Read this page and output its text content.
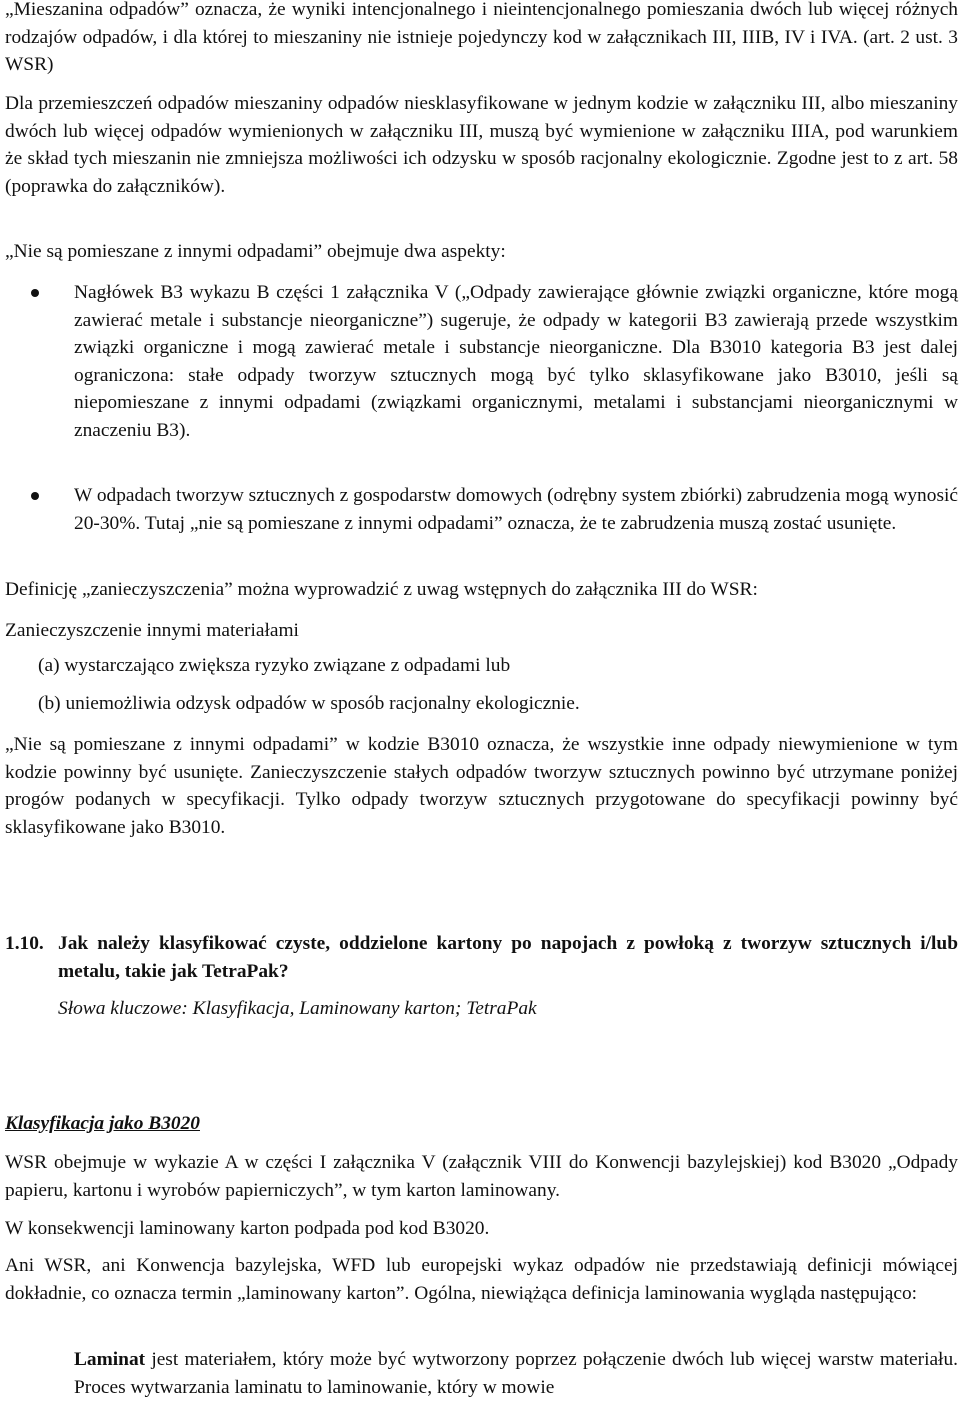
„Mieszanina odpadów” oznacza, że wyniki intencjonalnego i nieintencjonalnego pomieszania dwóch lub więcej różnych rodzajów odpadów, i dla której to mieszaniny nie istnieje pojedynczy kod w załącznikach III, IIIB, IV i IVA. (art. 2 ust. 3 WSR)

Dla przemieszczeń odpadów mieszaniny odpadów niesklasyfikowane w jednym kodzie w załączniku III, albo mieszaniny dwóch lub więcej odpadów wymienionych w załączniku III, muszą być wymienione w załączniku IIIA, pod warunkiem że skład tych mieszanin nie zmniejsza możliwości ich odzysku w sposób racjonalny ekologicznie. Zgodne jest to z art. 58 (poprawka do załączników).

„Nie są pomieszane z innymi odpadami” obejmuje dwa aspekty:

Nagłówek B3 wykazu B części 1 załącznika V („Odpady zawierające głównie związki organiczne, które mogą zawierać metale i substancje nieorganiczne”) sugeruje, że odpady w kategorii B3 zawierają przede wszystkim związki organiczne i mogą zawierać metale i substancje nieorganiczne. Dla B3010 kategoria B3 jest dalej ograniczona: stałe odpady tworzyw sztucznych mogą być tylko sklasyfikowane jako B3010, jeśli są niepomieszane z innymi odpadami (związkami organicznymi, metalami i substancjami nieorganicznymi w znaczeniu B3).

W odpadach tworzyw sztucznych z gospodarstw domowych (odrębny system zbiórki) zabrudzenia mogą wynosić 20-30%. Tutaj „nie są pomieszane z innymi odpadami” oznacza, że te zabrudzenia muszą zostać usunięte.

Definicję „zanieczyszczenia” można wyprowadzić z uwag wstępnych do załącznika III do WSR:

Zanieczyszczenie innymi materiałami

(a) wystarczająco zwiększa ryzyko związane z odpadami lub

(b) uniemożliwia odzysk odpadów w sposób racjonalny ekologicznie.

„Nie są pomieszane z innymi odpadami” w kodzie B3010 oznacza, że wszystkie inne odpady niewymienione w tym kodzie powinny być usunięte. Zanieczyszczenie stałych odpadów tworzyw sztucznych powinno być utrzymane poniżej progów podanych w specyfikacji. Tylko odpady tworzyw sztucznych przygotowane do specyfikacji powinny być sklasyfikowane jako B3010.

1.10. Jak należy klasyfikować czyste, oddzielone kartony po napojach z powłoką z tworzyw sztucznych i/lub metalu, takie jak TetraPak?

Słowa kluczowe: Klasyfikacja, Laminowany karton; TetraPak

Klasyfikacja jako B3020

WSR obejmuje w wykazie A w części I załącznika V (załącznik VIII do Konwencji bazylejskiej) kod B3020 „Odpady papieru, kartonu i wyrobów papierniczych”, w tym karton laminowany.

W konsekwencji laminowany karton podpada pod kod B3020.

Ani WSR, ani Konwencja bazylejska, WFD lub europejski wykaz odpadów nie przedstawiają definicji mówiącej dokładnie, co oznacza termin „laminowany karton”. Ogólna, niewiążąca definicja laminowania wygląda następująco:

Laminat jest materiałem, który może być wytworzony poprzez połączenie dwóch lub więcej warstw materiału. Proces wytwarzania laminatu to laminowanie, który w mowie
